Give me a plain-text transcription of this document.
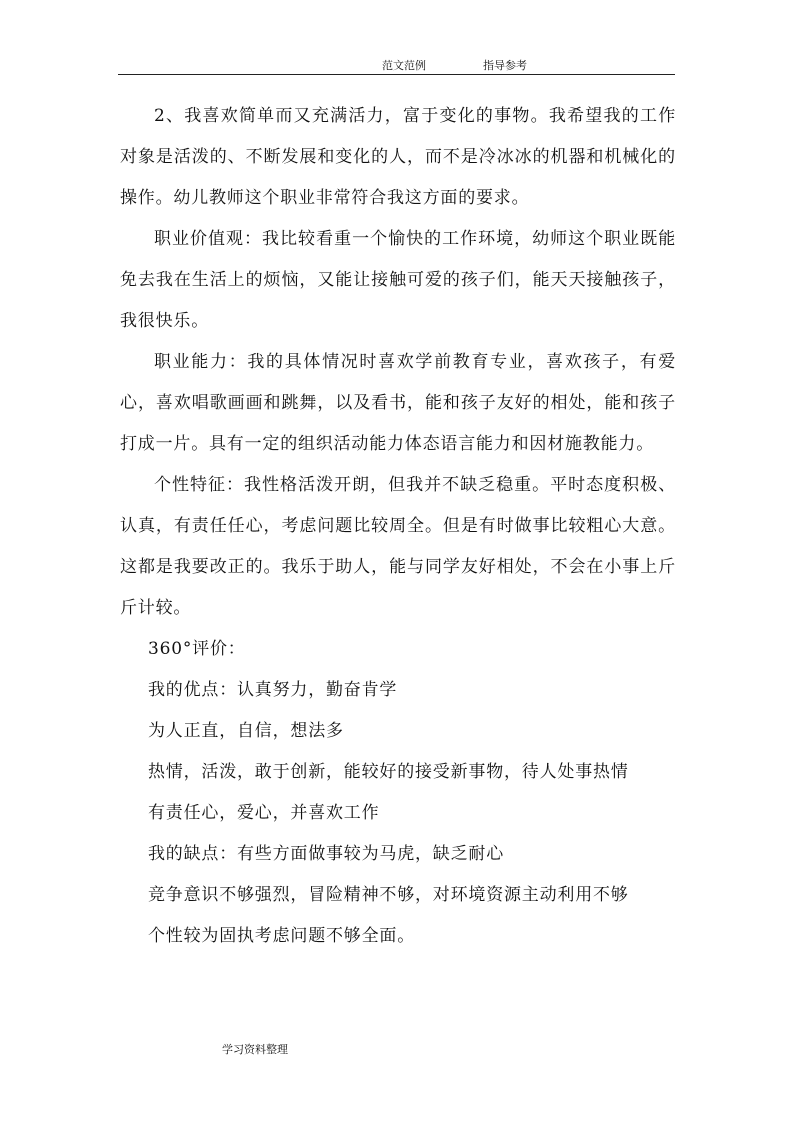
范文范例	指导参考

2、我喜欢简单而又充满活力，富于变化的事物。我希望我的工作对象是活泼的、不断发展和变化的人，而不是冷冰冰的机器和机械化的操作。幼儿教师这个职业非常符合我这方面的要求。

职业价值观：我比较看重一个愉快的工作环境，幼师这个职业既能免去我在生活上的烦恼，又能让接触可爱的孩子们，能天天接触孩子，我很快乐。

职业能力：我的具体情况时喜欢学前教育专业，喜欢孩子，有爱心，喜欢唱歌画画和跳舞，以及看书，能和孩子友好的相处，能和孩子打成一片。具有一定的组织活动能力体态语言能力和因材施教能力。

个性特征：我性格活泼开朗，但我并不缺乏稳重。平时态度积极、认真，有责任任心，考虑问题比较周全。但是有时做事比较粗心大意。这都是我要改正的。我乐于助人，能与同学友好相处，不会在小事上斤斤计较。

360°评价：

我的优点：认真努力，勤奋肯学

为人正直，自信，想法多

热情，活泼，敢于创新，能较好的接受新事物，待人处事热情

有责任心，爱心，并喜欢工作

我的缺点：有些方面做事较为马虎，缺乏耐心

竞争意识不够强烈，冒险精神不够，对环境资源主动利用不够

个性较为固执考虑问题不够全面。

学习资料整理
